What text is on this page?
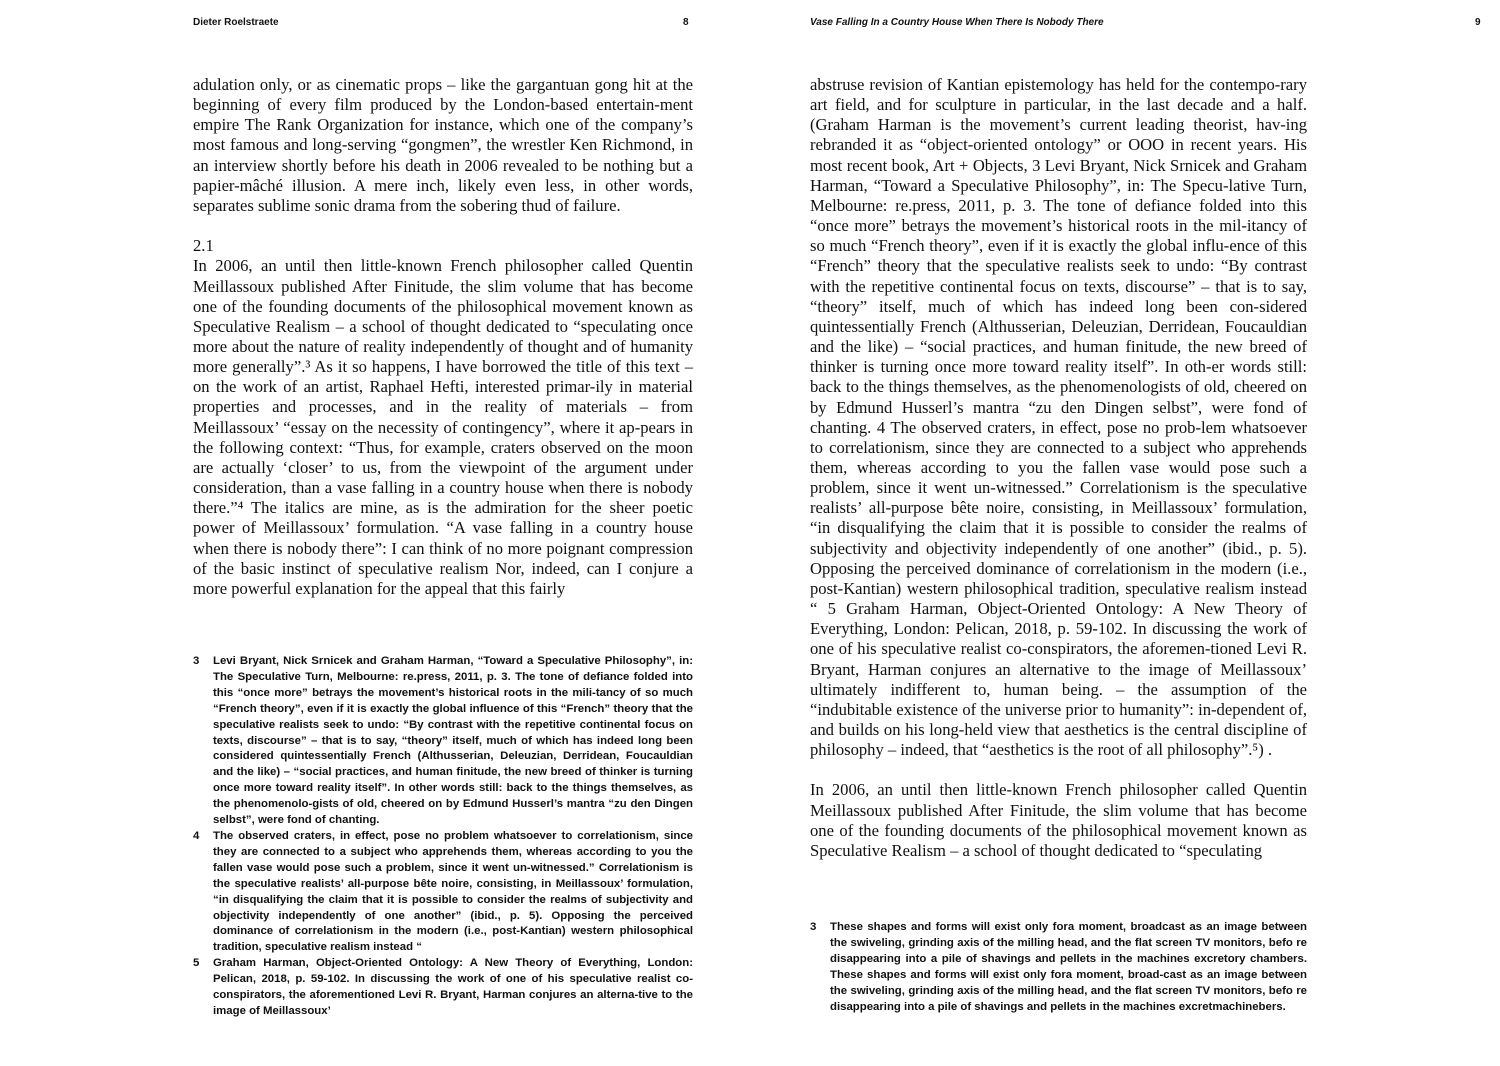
Dieter Roelstraete	8

adulation only, or as cinematic props – like the gargantuan gong hit at the beginning of every film produced by the London-based entertain-ment empire The Rank Organization for instance, which one of the company’s most famous and long-serving “gongmen”, the wrestler Ken Richmond, in an interview shortly before his death in 2006 revealed to be nothing but a papier-mâché illusion. A mere inch, likely even less, in other words, separates sublime sonic drama from the sobering thud of failure.

2.1

In 2006, an until then little-known French philosopher called Quentin Meillassoux published After Finitude, the slim volume that has become one of the founding documents of the philosophical movement known as Speculative Realism – a school of thought dedicated to “speculating once more about the nature of reality independently of thought and of humanity more generally”.³ As it so happens, I have borrowed the title of this text – on the work of an artist, Raphael Hefti, interested primar-ily in material properties and processes, and in the reality of materials – from Meillassoux’ “essay on the necessity of contingency”, where it ap-pears in the following context: “Thus, for example, craters observed on the moon are actually ‘closer’ to us, from the viewpoint of the argument under consideration, than a vase falling in a country house when there is nobody there.”⁴ The italics are mine, as is the admiration for the sheer poetic power of Meillassoux’ formulation. “A vase falling in a country house when there is nobody there”: I can think of no more poignant compression of the basic instinct of speculative realism Nor, indeed, can I conjure a more powerful explanation for the appeal that this fairly

3	Levi Bryant, Nick Srnicek and Graham Harman, “Toward a Speculative Philosophy”, in: The Speculative Turn, Melbourne: re.press, 2011, p. 3. The tone of defiance folded into this “once more” betrays the movement’s historical roots in the mili-tancy of so much “French theory”, even if it is exactly the global influence of this “French” theory that the speculative realists seek to undo: “By contrast with the repetitive continental focus on texts, discourse” – that is to say, “theory” itself, much of which has indeed long been considered quintessentially French (Althusserian, Deleuzian, Derridean, Foucauldian and the like) – “social practices, and human finitude, the new breed of thinker is turning once more toward reality itself”. In other words still: back to the things themselves, as the phenomenolo-gists of old, cheered on by Edmund Husserl’s mantra “zu den Dingen selbst”, were fond of chanting.
4	The observed craters, in effect, pose no problem whatsoever to correlationism, since they are connected to a subject who apprehends them, whereas according to you the fallen vase would pose such a problem, since it went un-witnessed.” Correlationism is the speculative realists’ all-purpose bête noire, consisting, in Meillassoux’ formulation, “in disqualifying the claim that it is possible to consider the realms of subjectivity and objectivity independently of one another” (ibid., p. 5). Opposing the perceived dominance of correlationism in the modern (i.e., post-Kantian) western philosophical tradition, speculative realism instead “
5	Graham Harman, Object-Oriented Ontology: A New Theory of Everything, London: Pelican, 2018, p. 59-102. In discussing the work of one of his speculative realist co-conspirators, the aforementioned Levi R. Bryant, Harman conjures an alterna-tive to the image of Meillassoux’
Vase Falling In a Country House When There Is Nobody There	9

abstruse revision of Kantian epistemology has held for the contempo-rary art field, and for sculpture in particular, in the last decade and a half. (Graham Harman is the movement’s current leading theorist, hav-ing rebranded it as “object-oriented ontology” or OOO in recent years. His most recent book, Art + Objects, 3 Levi Bryant, Nick Srnicek and Graham Harman, “Toward a Speculative Philosophy”, in: The Specu-lative Turn, Melbourne: re.press, 2011, p. 3. The tone of defiance folded into this “once more” betrays the movement’s historical roots in the mil-itancy of so much “French theory”, even if it is exactly the global influ-ence of this “French” theory that the speculative realists seek to undo: “By contrast with the repetitive continental focus on texts, discourse” – that is to say, “theory” itself, much of which has indeed long been con-sidered quintessentially French (Althusserian, Deleuzian, Derridean, Foucauldian and the like) – “social practices, and human finitude, the new breed of thinker is turning once more toward reality itself”. In oth-er words still: back to the things themselves, as the phenomenologists of old, cheered on by Edmund Husserl’s mantra “zu den Dingen selbst”, were fond of chanting. 4 The observed craters, in effect, pose no prob-lem whatsoever to correlationism, since they are connected to a subject who apprehends them, whereas according to you the fallen vase would pose such a problem, since it went un-witnessed.” Correlationism is the speculative realists’ all-purpose bête noire, consisting, in Meillassoux’ formulation, “in disqualifying the claim that it is possible to consider the realms of subjectivity and objectivity independently of one another” (ibid., p. 5). Opposing the perceived dominance of correlationism in the modern (i.e., post-Kantian) western philosophical tradition, speculative realism instead “ 5 Graham Harman, Object-Oriented Ontology: A New Theory of Everything, London: Pelican, 2018, p. 59-102. In discussing the work of one of his speculative realist co-conspirators, the aforemen-tioned Levi R. Bryant, Harman conjures an alternative to the image of Meillassoux’ ultimately indifferent to, human being. – the assumption of the “indubitable existence of the universe prior to humanity”: in-dependent of, and builds on his long-held view that aesthetics is the central discipline of philosophy – indeed, that “aesthetics is the root of all philosophy”.⁵) .

In 2006, an until then little-known French philosopher called Quentin Meillassoux published After Finitude, the slim volume that has become one of the founding documents of the philosophical movement known as Speculative Realism – a school of thought dedicated to “speculating

3	These shapes and forms will exist only fora moment, broadcast as an image between the swiveling, grinding axis of the milling head, and the flat screen TV monitors, befo re disappearing into a pile of shavings and pellets in the machines excretory chambers. These shapes and forms will exist only fora moment, broad-cast as an image between the swiveling, grinding axis of the milling head, and the flat screen TV monitors, befo re disappearing into a pile of shavings and pellets in the machines excretmachinebers.
